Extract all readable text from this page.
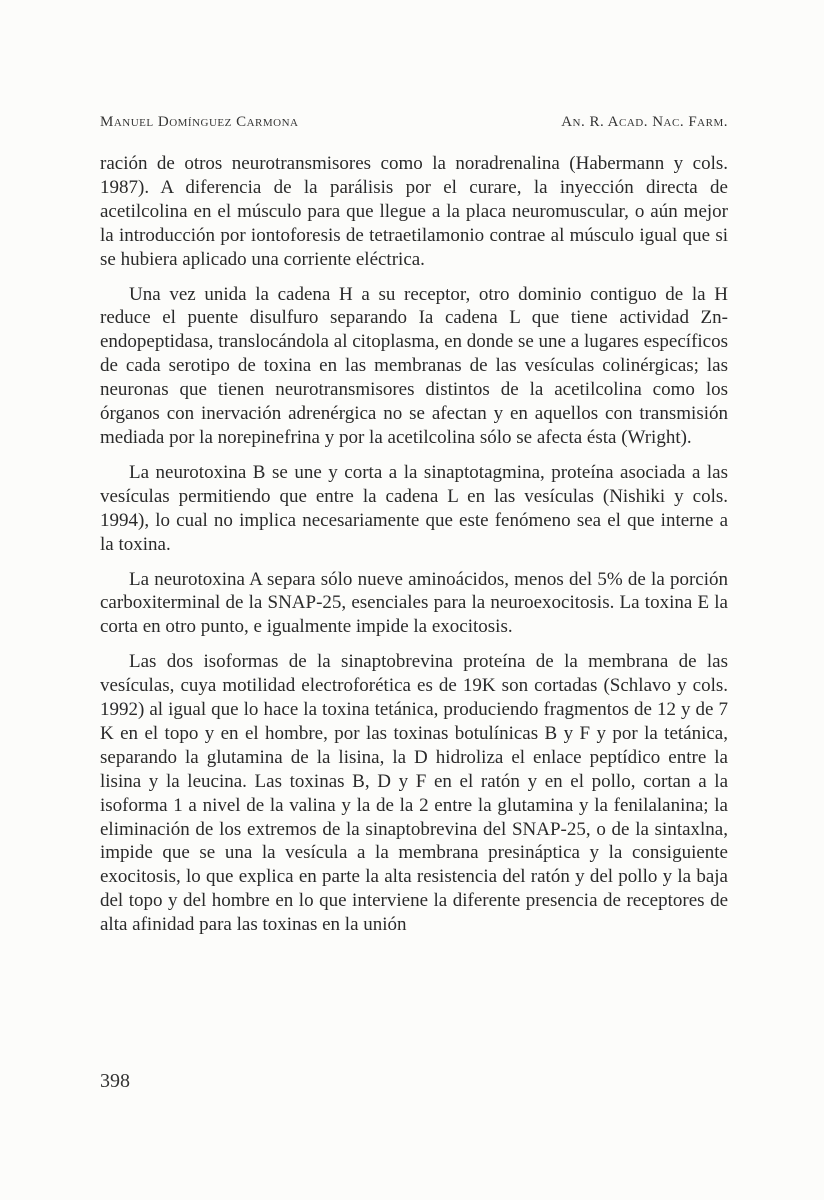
Manuel Domínguez Carmona	An. R. Acad. Nac. Farm.

ración de otros neurotransmisores como la noradrenalina (Habermann y cols. 1987). A diferencia de la parálisis por el curare, la inyección directa de acetilcolina en el músculo para que llegue a la placa neuromuscular, o aún mejor la introducción por iontoforesis de tetraetilamonio contrae al músculo igual que si se hubiera aplicado una corriente eléctrica.

Una vez unida la cadena H a su receptor, otro dominio contiguo de la H reduce el puente disulfuro separando Ia cadena L que tiene actividad Zn-endopeptidasa, translocándola al citoplasma, en donde se une a lugares específicos de cada serotipo de toxina en las membranas de las vesículas colinérgicas; las neuronas que tienen neurotransmisores distintos de la acetilcolina como los órganos con inervación adrenérgica no se afectan y en aquellos con transmisión mediada por la norepinefrina y por la acetilcolina sólo se afecta ésta (Wright).

La neurotoxina B se une y corta a la sinaptotagmina, proteína asociada a las vesículas permitiendo que entre la cadena L en las vesículas (Nishiki y cols. 1994), lo cual no implica necesariamente que este fenómeno sea el que interne a la toxina.

La neurotoxina A separa sólo nueve aminoácidos, menos del 5% de la porción carboxiterminal de la SNAP-25, esenciales para la neuroexocitosis. La toxina E la corta en otro punto, e igualmente impide la exocitosis.

Las dos isoformas de la sinaptobrevina proteína de la membrana de las vesículas, cuya motilidad electroforética es de 19K son cortadas (Schlavo y cols. 1992) al igual que lo hace la toxina tetánica, produciendo fragmentos de 12 y de 7 K en el topo y en el hombre, por las toxinas botulínicas B y F y por la tetánica, separando la glutamina de la lisina, la D hidroliza el enlace peptídico entre la lisina y la leucina. Las toxinas B, D y F en el ratón y en el pollo, cortan a la isoforma 1 a nivel de la valina y la de la 2 entre la glutamina y la fenilalanina; la eliminación de los extremos de la sinaptobrevina del SNAP-25, o de la sintaxlna, impide que se una la vesícula a la membrana presináptica y la consiguiente exocitosis, lo que explica en parte la alta resistencia del ratón y del pollo y la baja del topo y del hombre en lo que interviene la diferente presencia de receptores de alta afinidad para las toxinas en la unión

398
